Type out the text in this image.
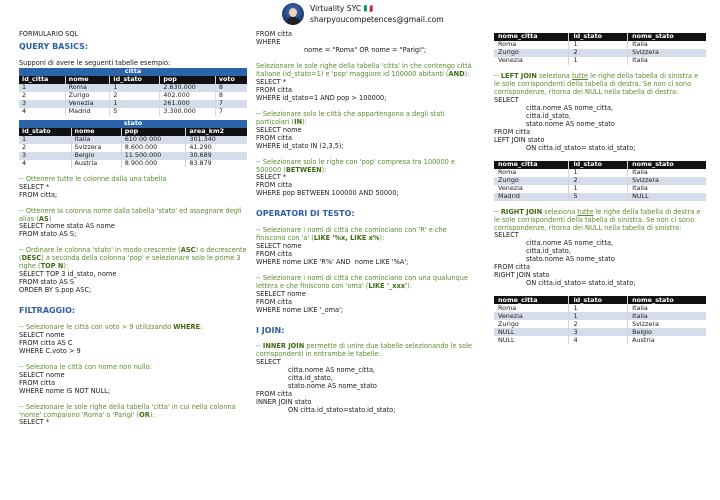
Virtuality SYC 🇮🇹
sharpyoucompetences@gmail.com
FORMULARIO SQL
QUERY BASICS:
Supponi di avere le seguenti tabelle esempio:
citta				
id_citta	nome	id_stato	pop	voto
1	Roma	1	2.830.000	8
2	Zurigo	2	402.000	8
3	Venezia	1	261.000	7
4	Madrid	5	3.300.000	7
stato			
id_stato	nome	pop	area_km2
1	Italia	610 00 000	301.340
2	Svizzera	8.600.000	41.290
3	Belgio	11.500.000	30.689
4	Austria	8.900.000	83.879
-- Ottenere tutte le colonne dalla una tabella
SELECT *
FROM citta;
-- Ottenere la colonna nome dalla tabella 'stato' ed assegnare degli alias (AS)
SELECT nome stato AS nome
FROM stato AS S;
-- Ordinare le colonna 'stato' in modo crescente (ASC) o decrescente (DESC) a seconda della colonna 'pop' e selezionare solo le prime 3 righe (TOP N):
SELECT TOP 3 id_stato, nome
FROM stato AS S
ORDER BY S.pop ASC;
FILTRAGGIO:
-- Selezionare le città con voto > 9 utilizzando WHERE:
SELECT nome
FROM citta AS C
WHERE C.voto > 9
-- Seleziona le città con nome non nullo:
SELECT nome
FROM citta
WHERE nome IS NOT NULL;
-- Selezionare le sole righe della tabella 'citta' in cui nella colonna 'nome' compaiono 'Roma' o 'Parigi' (OR):
SELECT *
FROM citta
WHERE
nome = "Roma" OR nome = "Parigi";
Selezionare le sole righe della tabella 'citta' in che contengo città italiane (id_stato=1) e 'pop' maggiore id 100000 abitanti (AND):
SELECT *
FROM citta
WHERE id_stato=1 AND pop > 100000;
-- Selezionare solo le città che appartengono a degli stati particolari (IN):
SELECT nome
FROM citta
WHERE id_stato IN (2,3,5);
-- Selezionare solo le righe con 'pop' compresa tra 100000 e 500000 (BETWEEN):
SELECT *
FROM citta
WHERE pop BETWEEN 100000 AND 50000;
OPERATORI DI TESTO:
-- Selezionare i nomi di città che cominciano con 'R' e che finiscono con 'a' (LIKE '%x, LIKE x%):
SELECT nome
FROM citta
WHERE nome LIKE 'R%' AND  nome LIKE '%A';
-- Selezionare i nomi di città che cominciano con una qualunque lettera e che finiscono con 'oma' (LIKE '_xxx'):
SEELECT nome
FROM citta
WHERE nome LIKE '_oma';
I JOIN:
-- INNER JOIN permette di unire due tabelle selezionando le sole corrispondenti in entrambe le tabelle:
SELECT
citta.nome AS nome_citta,
citta.id_stato,
stato.nome AS nome_stato
FROM citta
INNER JOIN stato
ON citta.id_stato=stato.id_stato;
nome_citta	id_stato	nome_stato
Roma	1	Italia
Zurigo	2	Svizzera
Venezia	1	Italia
-- LEFT JOIN seleziona tutte le righe della tabella di sinistra e le sole corrispondenti della tabella di destra. Se non ci sono corrispondenze, ritorna dei NULL nella tabella di destra:
SELECT
citta.nome AS nome_citta,
citta.id_stato,
stato.nome AS nome_stato
FROM citta
LEFT JOIN stato
ON citta.id_stato= stato.id_stato;
nome_citta	id_stato	nome_stato
Roma	1	Italia
Zurigo	2	Svizzera
Venezia	1	Italia
Madrid	5	NULL
-- RIGHT JOIN seleziona tutte le righe della tabella di destra e le sole corrispondenti della tabella di sinistra. Se non ci sono corrispondenze, ritorna dei NULL nella tabella di sinistra:
SELECT
citta.nome AS nome_citta,
citta.id_stato,
stato.nome AS nome_stato
FROM citta
RIGHT JOIN stato
ON citta.id_stato= stato.id_stato;
nome_citta	id_stato	nome_stato
Roma	1	Italia
Venezia	1	Italia
Zurigo	2	Svizzera
NULL	3	Belgio
NULL	4	Austria
